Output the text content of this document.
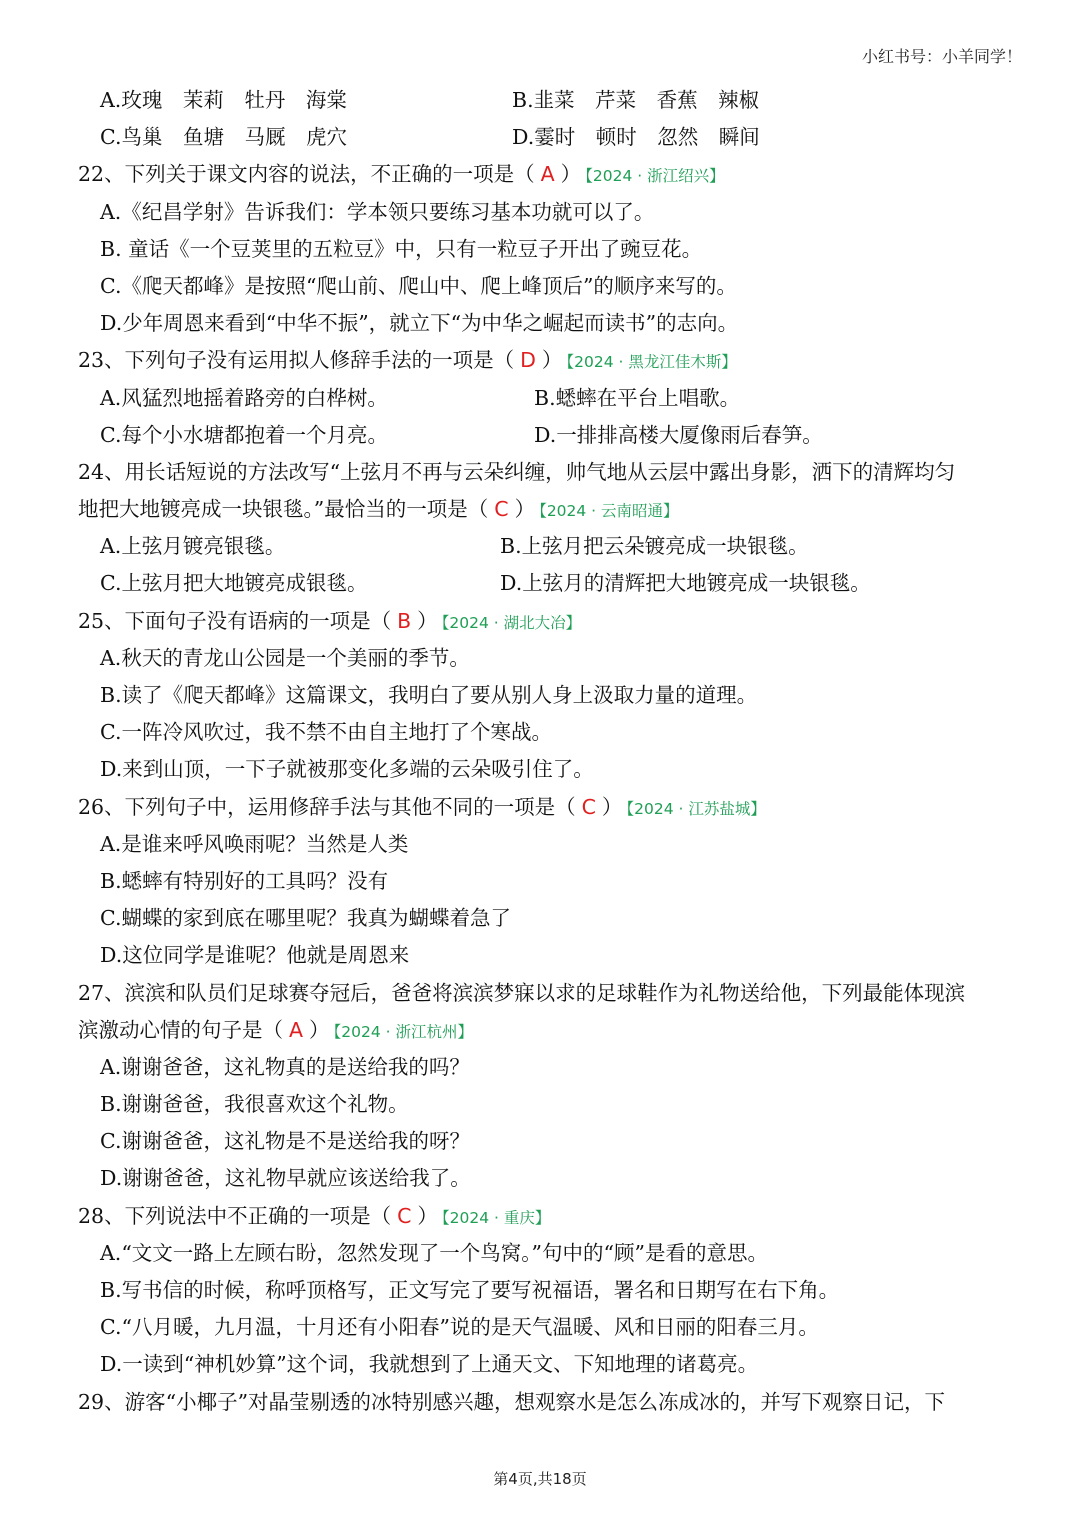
小红书号：小羊同学！
A.玫瑰　茉莉　牡丹　海棠	B.韭菜　芹菜　香蕉　辣椒
C.鸟巢　鱼塘　马厩　虎穴	D.霎时　顿时　忽然　瞬间
22、下列关于课文内容的说法，不正确的一项是（ A ） 【2024 · 浙江绍兴】
A.《纪昌学射》告诉我们：学本领只要练习基本功就可以了。
B. 童话《一个豆荚里的五粒豆》中，只有一粒豆子开出了豌豆花。
C.《爬天都峰》是按照“爬山前、爬山中、爬上峰顶后”的顺序来写的。
D.少年周恩来看到“中华不振”，就立下“为中华之崛起而读书”的志向。
23、下列句子没有运用拟人修辞手法的一项是（ D ） 【2024 · 黑龙江佳木斯】
A.风猛烈地摇着路旁的白桦树。	B.蟋蟀在平台上唱歌。
C.每个小水塘都抱着一个月亮。	D.一排排高楼大厦像雨后春笋。
24、用长话短说的方法改写“上弦月不再与云朵纠缠，帅气地从云层中露出身影，洒下的清辉均匀
地把大地镀亮成一块银毯。”最恰当的一项是（ C ） 【2024 · 云南昭通】
A.上弦月镀亮银毯。	B.上弦月把云朵镀亮成一块银毯。
C.上弦月把大地镀亮成银毯。	D.上弦月的清辉把大地镀亮成一块银毯。
25、下面句子没有语病的一项是（ B ） 【2024 · 湖北大冶】
A.秋天的青龙山公园是一个美丽的季节。
B.读了《爬天都峰》这篇课文，我明白了要从别人身上汲取力量的道理。
C.一阵冷风吹过，我不禁不由自主地打了个寒战。
D.来到山顶，一下子就被那变化多端的云朵吸引住了。
26、下列句子中，运用修辞手法与其他不同的一项是（ C ） 【2024 · 江苏盐城】
A.是谁来呼风唤雨呢？当然是人类
B.蟋蟀有特别好的工具吗？没有
C.蝴蝶的家到底在哪里呢？我真为蝴蝶着急了
D.这位同学是谁呢？他就是周恩来
27、滨滨和队员们足球赛夺冠后，爸爸将滨滨梦寐以求的足球鞋作为礼物送给他，下列最能体现滨
滨激动心情的句子是（ A ） 【2024 · 浙江杭州】
A.谢谢爸爸，这礼物真的是送给我的吗？
B.谢谢爸爸，我很喜欢这个礼物。
C.谢谢爸爸，这礼物是不是送给我的呀？
D.谢谢爸爸，这礼物早就应该送给我了。
28、下列说法中不正确的一项是（ C ） 【2024 · 重庆】
A.“文文一路上左顾右盼，忽然发现了一个鸟窝。”句中的“顾”是看的意思。
B.写书信的时候，称呼顶格写，正文写完了要写祝福语，署名和日期写在右下角。
C.“八月暖，九月温，十月还有小阳春”说的是天气温暖、风和日丽的阳春三月。
D.一读到“神机妙算”这个词，我就想到了上通天文、下知地理的诸葛亮。
29、游客“小椰子”对晶莹剔透的冰特别感兴趣，想观察水是怎么冻成冰的，并写下观察日记，下
第4页,共18页
